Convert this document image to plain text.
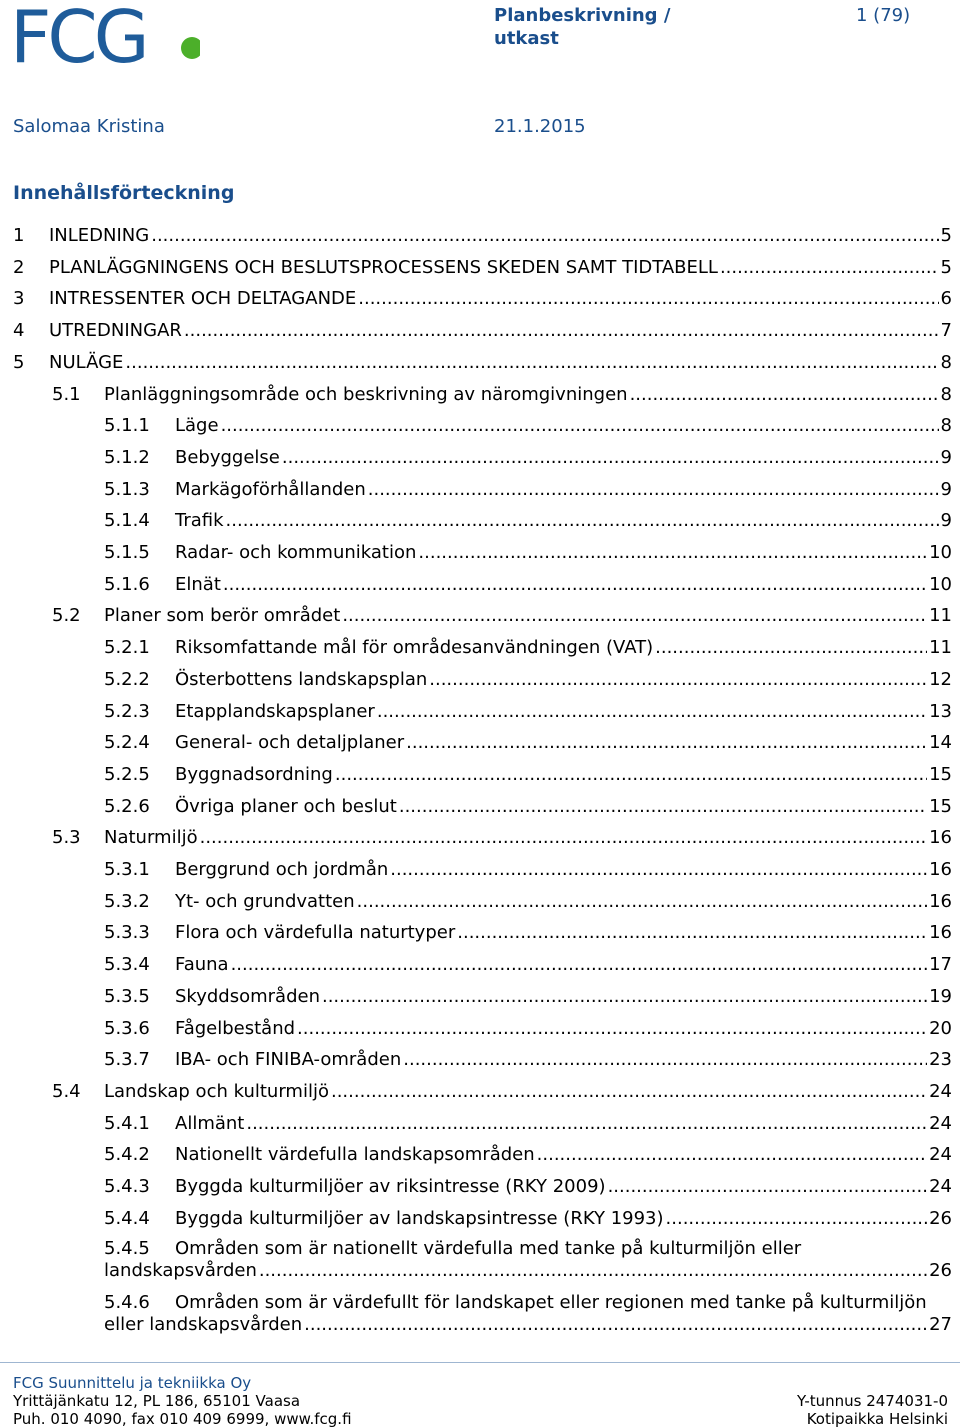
FCG	Planbeskrivning / utkast
1 (79)
Salomaa Kristina	21.1.2015
Innehållsförteckning
1	INLEDNING .....	5
2	PLANLÄGGNINGENS OCH BESLUTSPROCESSENS SKEDEN SAMT TIDTABELL .....	5
3	INTRESSENTER OCH DELTAGANDE .....	6
4	UTREDNINGAR .....	7
5	NULÄGE .....	8
5.1	Planläggningsområde och beskrivning av näromgivningen .....	8
5.1.1	Läge .....	8
5.1.2	Bebyggelse .....	9
5.1.3	Markägoförhållanden .....	9
5.1.4	Trafik .....	9
5.1.5	Radar- och kommunikation .....	10
5.1.6	Elnät .....	10
5.2	Planer som berör området .....	11
5.2.1	Riksomfattande mål för områdesanvändningen (VAT) .....	11
5.2.2	Österbottens landskapsplan .....	12
5.2.3	Etapplandskapsplaner .....	13
5.2.4	General- och detaljplaner .....	14
5.2.5	Byggnadsordning .....	15
5.2.6	Övriga planer och beslut .....	15
5.3	Naturmiljö .....	16
5.3.1	Berggrund och jordmån .....	16
5.3.2	Yt- och grundvatten .....	16
5.3.3	Flora och värdefulla naturtyper .....	16
5.3.4	Fauna .....	17
5.3.5	Skyddsområden .....	19
5.3.6	Fågelbestånd .....	20
5.3.7	IBA- och FINIBA-områden .....	23
5.4	Landskap och kulturmiljö .....	24
5.4.1	Allmänt .....	24
5.4.2	Nationellt värdefulla landskapsområden .....	24
5.4.3	Byggda kulturmiljöer av riksintresse (RKY 2009) .....	24
5.4.4	Byggda kulturmiljöer av landskapsintresse (RKY 1993) .....	26
5.4.5 Områden som är nationellt värdefulla med tanke på kulturmiljön eller
landskapsvården .....	26
5.4.6 Områden som är värdefullt för landskapet eller regionen med tanke på kulturmiljön
eller landskapsvården .....	27
FCG Suunnittelu ja tekniikka Oy
Yrittäjänkatu 12, PL 186, 65101 Vaasa
Puh. 010 4090, fax 010 409 6999, www.fcg.fi
Y-tunnus 2474031-0
Kotipaikka Helsinki
